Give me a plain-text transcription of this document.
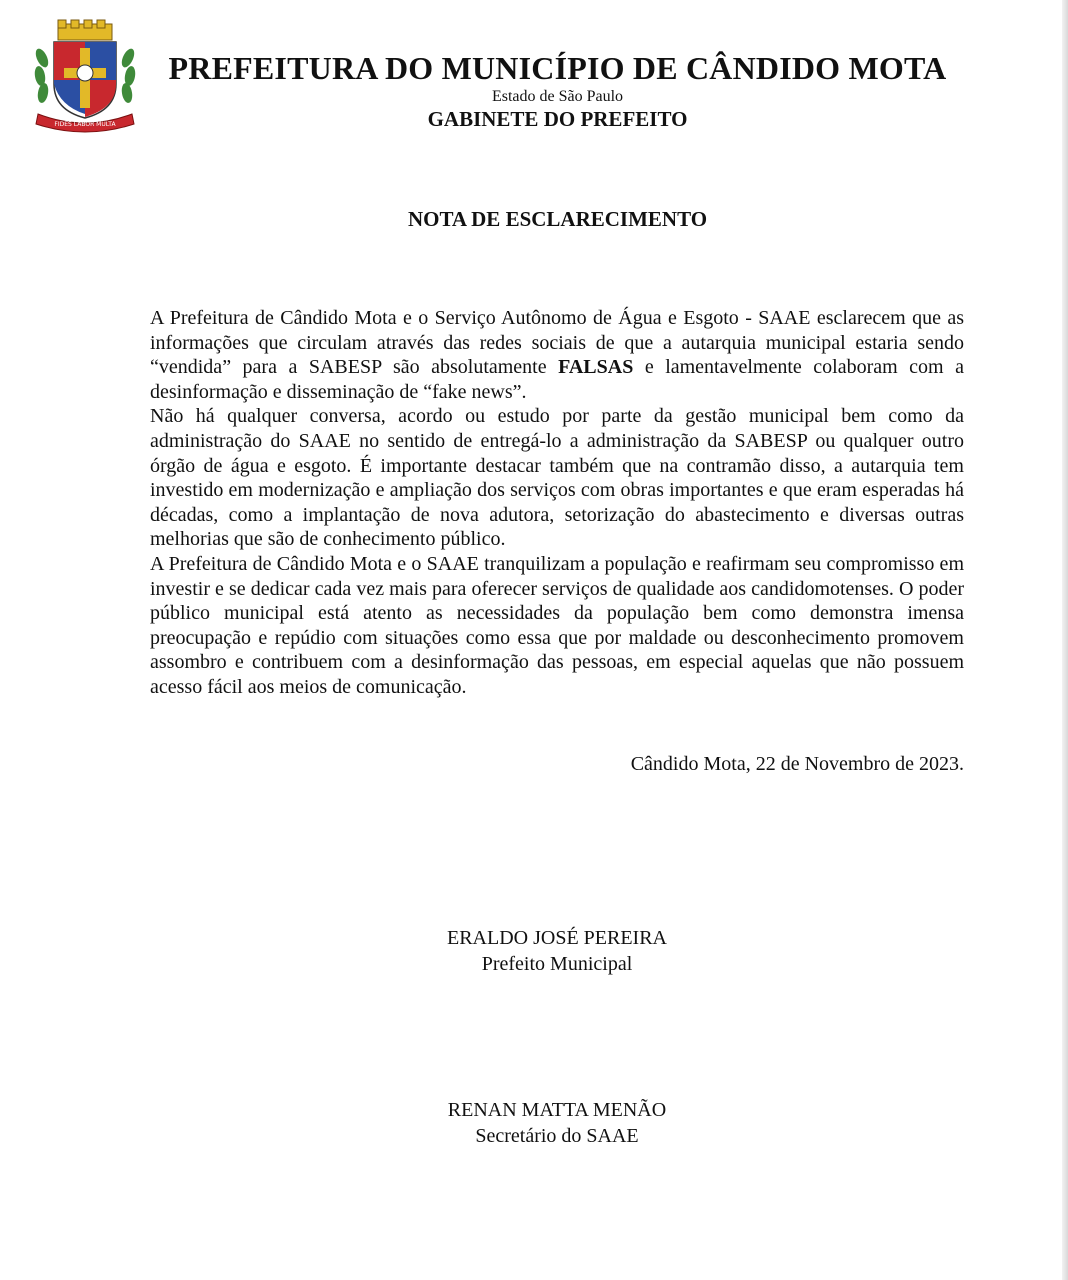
FIDES LABOR MULTA
PREFEITURA DO MUNICÍPIO DE CÂNDIDO MOTA
Estado de São Paulo
GABINETE DO PREFEITO
NOTA DE ESCLARECIMENTO

A Prefeitura de Cândido Mota e o Serviço Autônomo de Água e Esgoto - SAAE esclarecem que as informações que circulam através das redes sociais de que a autarquia municipal estaria sendo “vendida” para a SABESP são absolutamente FALSAS e lamentavelmente colaboram com a desinformação e disseminação de “fake news”.

Não há qualquer conversa, acordo ou estudo por parte da gestão municipal bem como da administração do SAAE no sentido de entregá-lo a administração da SABESP ou qualquer outro órgão de água e esgoto. É importante destacar também que na contramão disso, a autarquia tem investido em modernização e ampliação dos serviços com obras importantes e que eram esperadas há décadas, como a implantação de nova adutora, setorização do abastecimento e diversas outras melhorias que são de conhecimento público.

A Prefeitura de Cândido Mota e o SAAE tranquilizam a população e reafirmam seu compromisso em investir e se dedicar cada vez mais para oferecer serviços de qualidade aos candidomotenses. O poder público municipal está atento as necessidades da população bem como demonstra imensa preocupação e repúdio com situações como essa que por maldade ou desconhecimento promovem assombro e contribuem com a desinformação das pessoas, em especial aquelas que não possuem acesso fácil aos meios de comunicação.

Cândido Mota, 22 de Novembro de 2023.
ERALDO JOSÉ PEREIRA
Prefeito Municipal
RENAN MATTA MENÃO
Secretário do SAAE
